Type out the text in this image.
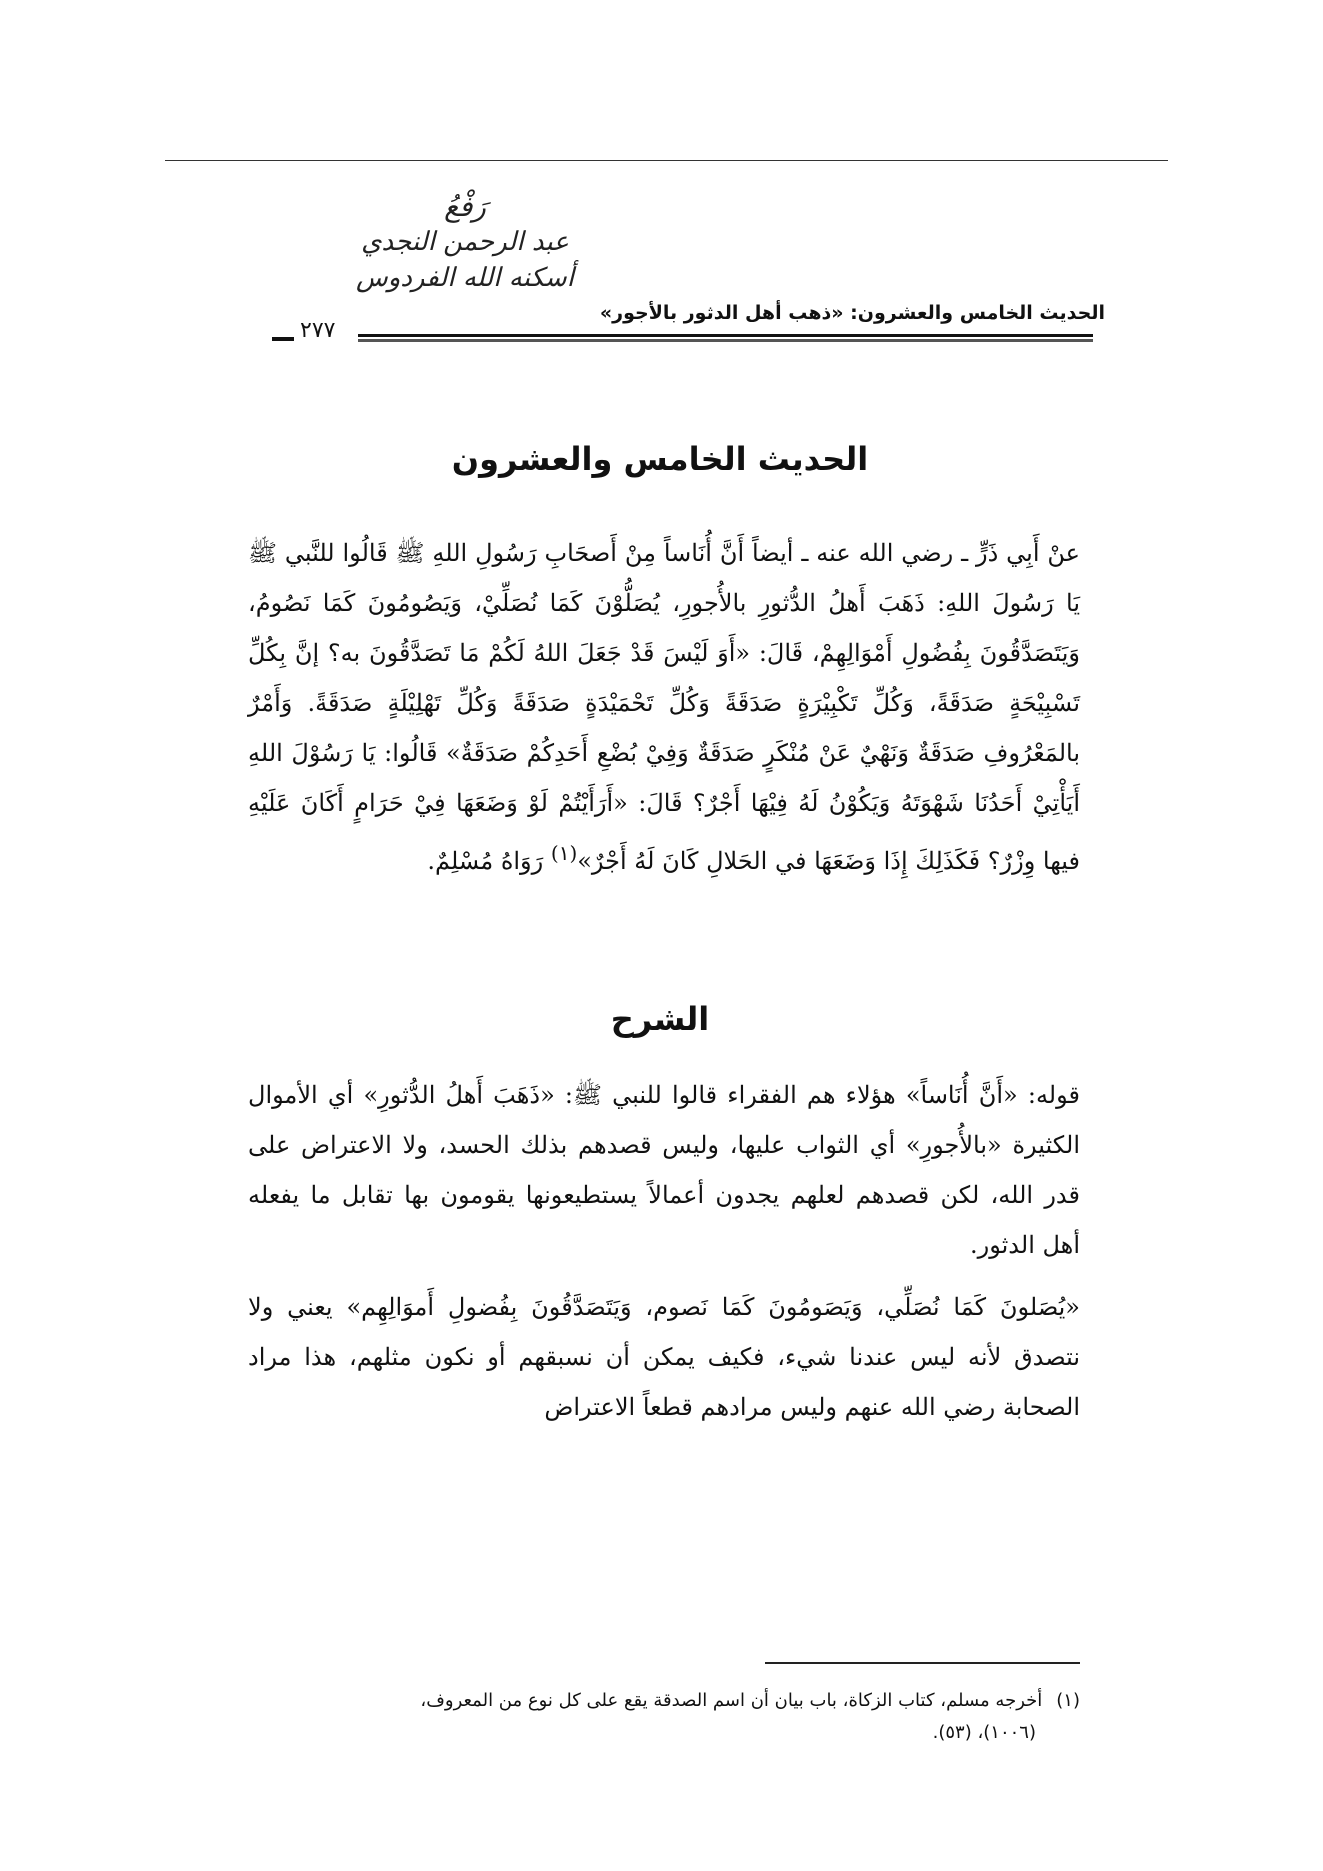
رَفْعُ
عبد الرحمن النجدي
أسكنه الله الفردوس
الحديث الخامس والعشرون: «ذهب أهل الدثور بالأجور»
٢٧٧
الحديث الخامس والعشرون

عنْ أَبِي ذَرٍّ ـ رضي الله عنه ـ أيضاً أَنَّ أُنَاساً مِنْ أَصحَابِ رَسُولِ اللهِ ﷺ قَالُوا للنَّبي ﷺ يَا رَسُولَ اللهِ: ذَهَبَ أَهلُ الدُّثورِ بالأُجورِ، يُصَلُّوْنَ كَمَا نُصَلِّيْ، وَيَصُومُونَ كَمَا نَصُومُ، وَيَتَصَدَّقُونَ بِفُضُولِ أَمْوَالِهِمْ، قَالَ: «أَوَ لَيْسَ قَدْ جَعَلَ اللهُ لَكُمْ مَا تَصَدَّقُونَ به؟ إنَّ بِكُلِّ تَسْبِيْحَةٍ صَدَقَةً، وَكُلِّ تَكْبِيْرَةٍ صَدَقَةً وَكُلِّ تَحْمَيْدَةٍ صَدَقَةً وَكُلِّ تَهْلِيْلَةٍ صَدَقَةً. وَأَمْرٌ بالمَعْرُوفِ صَدَقَةٌ وَنَهْيٌ عَنْ مُنْكَرٍ صَدَقَةٌ وَفِيْ بُضْعِ أَحَدِكُمْ صَدَقَةٌ» قَالُوا: يَا رَسُوْلَ اللهِ أَيَأْتِيْ أَحَدُنَا شَهْوَتَهُ وَيَكُوْنُ لَهُ فِيْهَا أَجْرٌ؟ قَالَ: «أَرَأَيْتُمْ لَوْ وَضَعَهَا فِيْ حَرَامٍ أَكَانَ عَلَيْهِ فيها وِزْرٌ؟ فَكَذَلِكَ إِذَا وَضَعَهَا في الحَلالِ كَانَ لَهُ أَجْرٌ»$^{(١)}$ رَوَاهُ مُسْلِمٌ.

الشرح

قوله: «أَنَّ أُنَاساً» هؤلاء هم الفقراء قالوا للنبي ﷺ: «ذَهَبَ أَهلُ الدُّثورِ» أي الأموال الكثيرة «بالأُجورِ» أي الثواب عليها، وليس قصدهم بذلك الحسد، ولا الاعتراض على قدر الله، لكن قصدهم لعلهم يجدون أعمالاً يستطيعونها يقومون بها تقابل ما يفعله أهل الدثور.

«يُصَلونَ كَمَا نُصَلِّي، وَيَصَومُونَ كَمَا نَصوم، وَيَتَصَدَّقُونَ بِفُضولِ أَموَالِهِم» يعني ولا نتصدق لأنه ليس عندنا شيء، فكيف يمكن أن نسبقهم أو نكون مثلهم، هذا مراد الصحابة رضي الله عنهم وليس مرادهم قطعاً الاعتراض

(١)أخرجه مسلم، كتاب الزكاة، باب بيان أن اسم الصدقة يقع على كل نوع من المعروف،
(١٠٠٦)، (٥٣).
